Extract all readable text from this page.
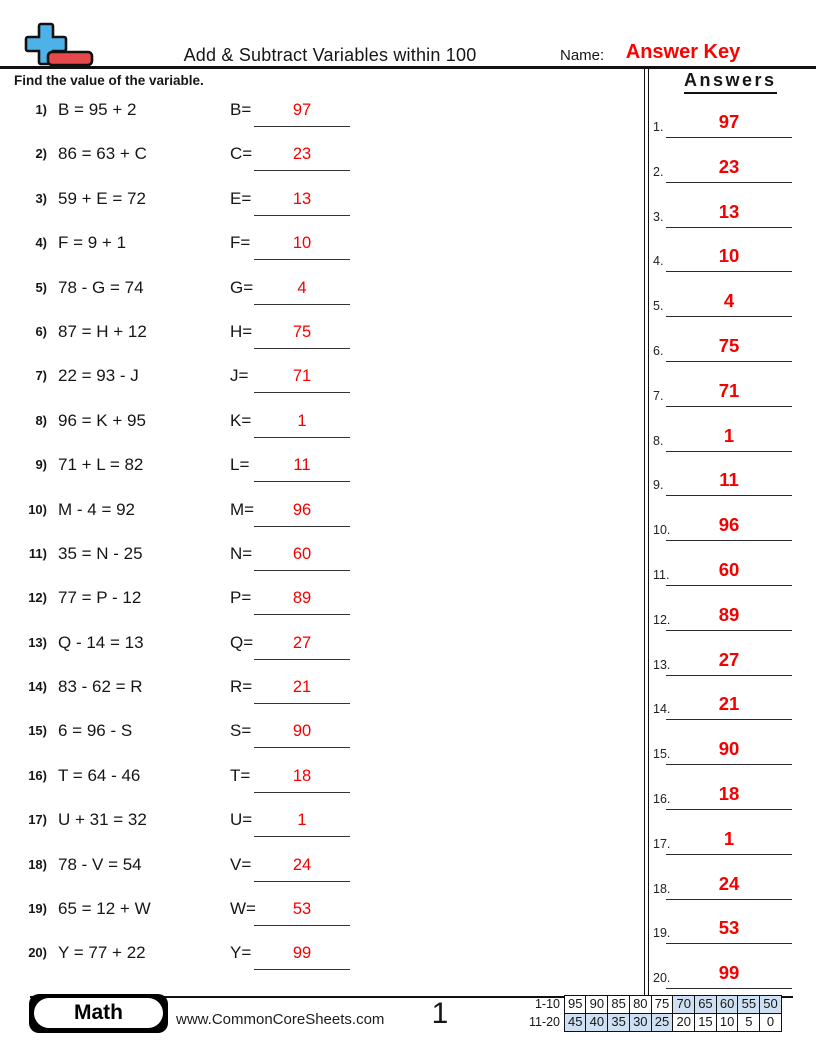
Add & Subtract Variables within 100	Name:	Answer Key
Find the value of the variable.
1) B = 95 + 2	B=	97
2) 86 = 63 + C	C=	23
3) 59 + E = 72	E=	13
4) F = 9 + 1	F=	10
5) 78 - G = 74	G=	4
6) 87 = H + 12	H=	75
7) 22 = 93 - J	J=	71
8) 96 = K + 95	K=	1
9) 71 + L = 82	L=	11
10) M - 4 = 92	M=	96
11) 35 = N - 25	N=	60
12) 77 = P - 12	P=	89
13) Q - 14 = 13	Q=	27
14) 83 - 62 = R	R=	21
15) 6 = 96 - S	S=	90
16) T = 64 - 46	T=	18
17) U + 31 = 32	U=	1
18) 78 - V = 54	V=	24
19) 65 = 12 + W	W=	53
20) Y = 77 + 22	Y=	99
Answers
1.	97
2.	23
3.	13
4.	10
5.	4
6.	75
7.	71
8.	1
9.	11
10.	96
11.	60
12.	89
13.	27
14.	21
15.	90
16.	18
17.	1
18.	24
19.	53
20.	99
Math	www.CommonCoreSheets.com	1	1-10 95 90 85 80 75 70 65 60 55 50
11-20 45 40 35 30 25 20 15 10 5	0
